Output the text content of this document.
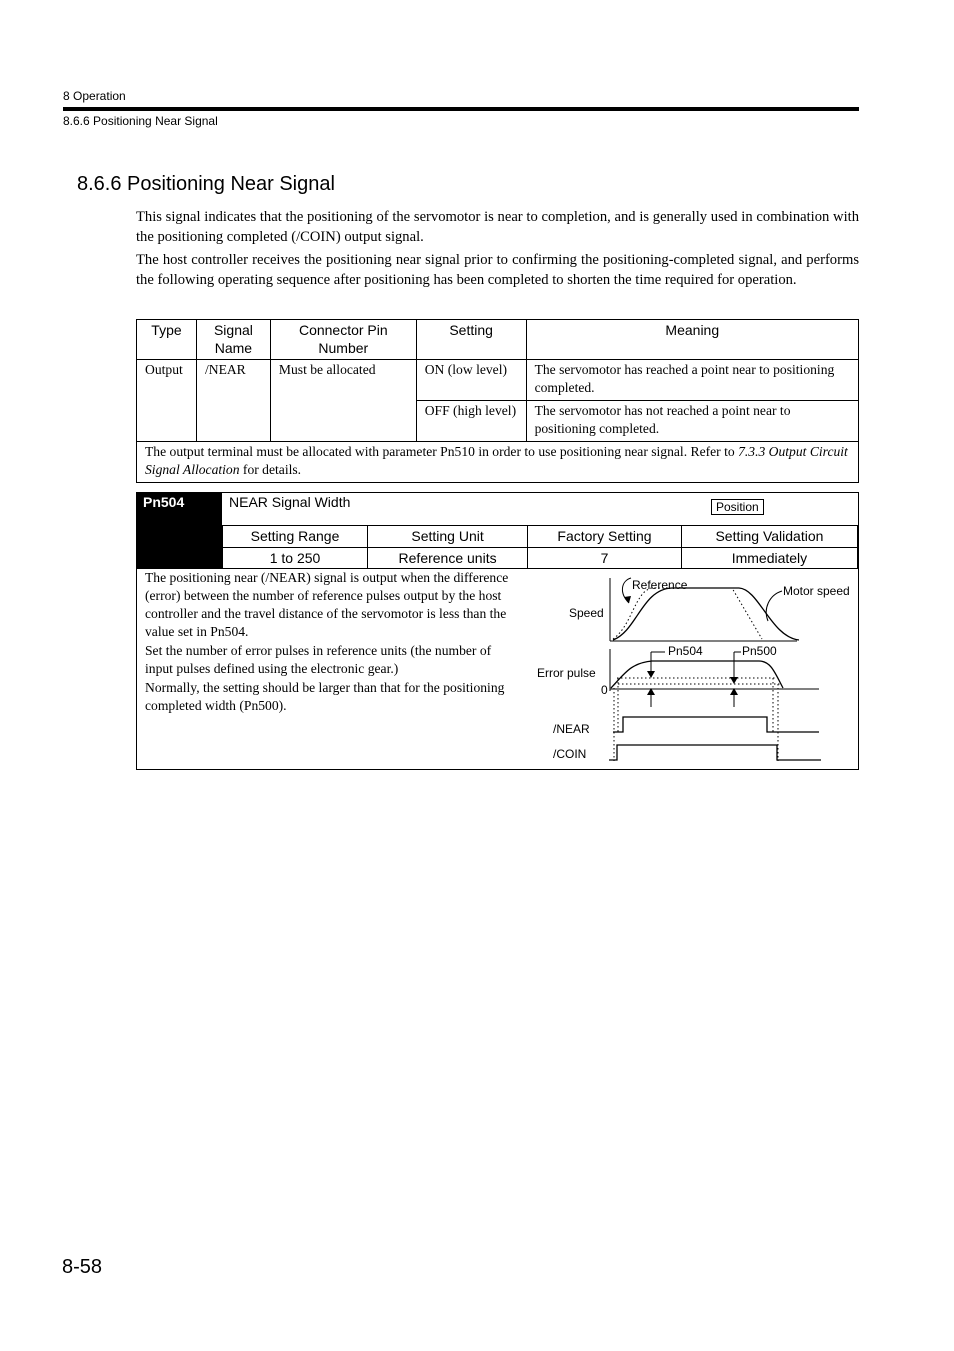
8 Operation
8.6.6 Positioning Near Signal
8.6.6 Positioning Near Signal
This signal indicates that the positioning of the servomotor is near to completion, and is generally used in combination with the positioning completed (/COIN) output signal.
The host controller receives the positioning near signal prior to confirming the positioning-completed signal, and performs the following operating sequence after positioning has been completed to shorten the time required for operation.
Type	Signal Name	Connector Pin Number	Setting	Meaning
Output	/NEAR	Must be allocated	ON (low level)	The servomotor has reached a point near to positioning completed.
			OFF (high level)	The servomotor has not reached a point near to positioning completed.
The output terminal must be allocated with parameter Pn510 in order to use positioning near signal. Refer to 7.3.3 Output Circuit Signal Allocation for details.				
Pn504	NEAR Signal Width	Position
Setting Range	Setting Unit	Factory Setting	Setting Validation
1 to 250	Reference units	7	Immediately

The positioning near (/NEAR) signal is output when the difference (error) between the number of reference pulses output by the host controller and the travel distance of the servomotor is less than the value set in Pn504.

Set the number of error pulses in reference units (the number of input pulses defined using the electronic gear.)

Normally, the setting should be larger than that for the positioning completed width (Pn500).

Reference	Motor speed
Speed
Pn504	Pn500
Error pulse
0
/NEAR
/COIN
8-58
